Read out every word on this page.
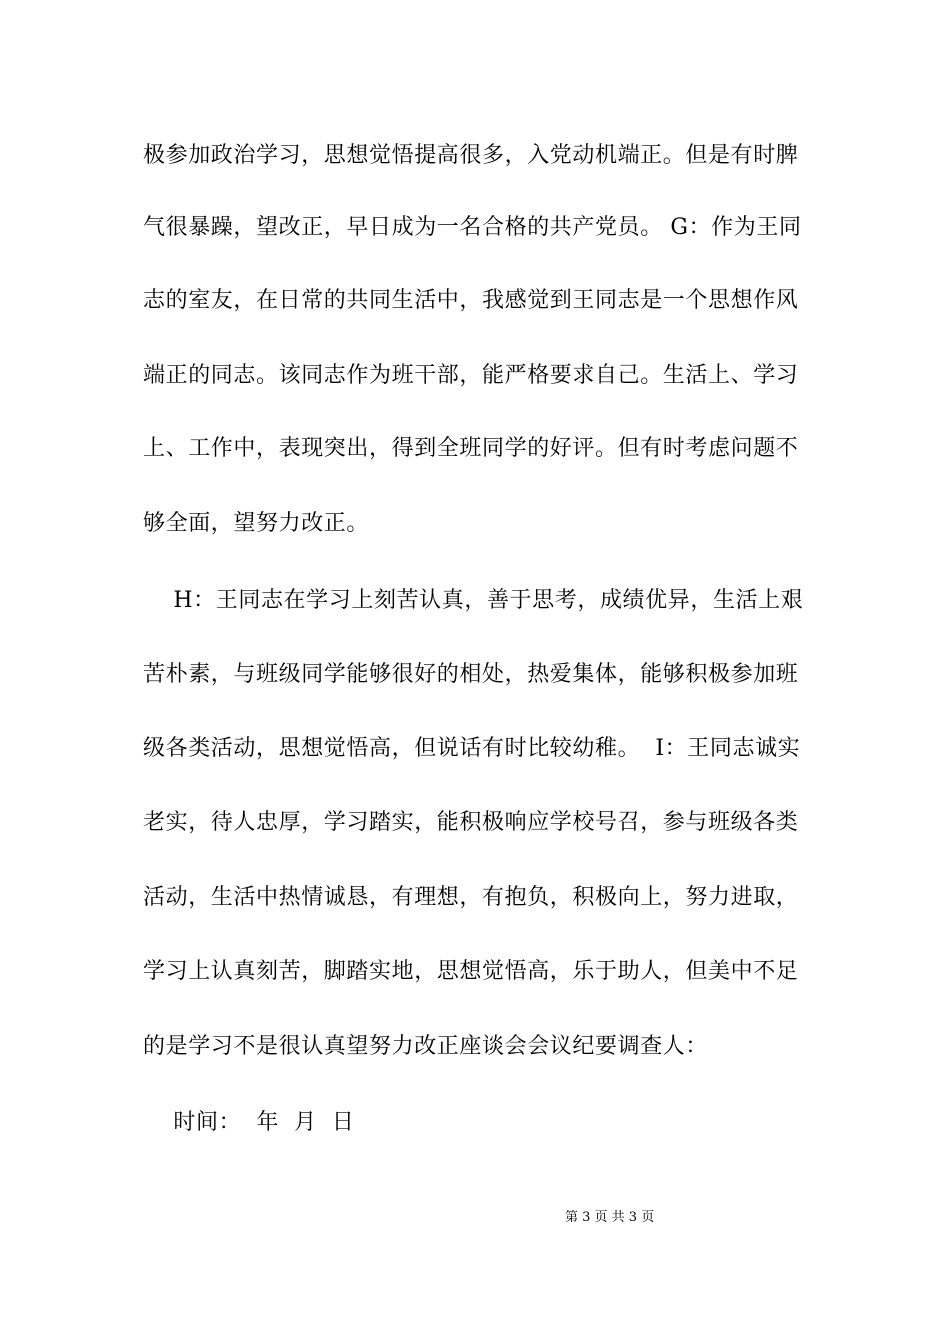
极参加政治学习，思想觉悟提高很多，入党动机端正。但是有时脾
气很暴躁，望改正，早日成为一名合格的共产党员。 G：作为王同
志的室友，在日常的共同生活中，我感觉到王同志是一个思想作风
端正的同志。该同志作为班干部，能严格要求自己。生活上、学习
上、工作中，表现突出，得到全班同学的好评。但有时考虑问题不
够全面，望努力改正。
H：王同志在学习上刻苦认真，善于思考，成绩优异，生活上艰
苦朴素，与班级同学能够很好的相处，热爱集体，能够积极参加班
级各类活动，思想觉悟高，但说话有时比较幼稚。  I：王同志诚实
老实，待人忠厚，学习踏实，能积极响应学校号召，参与班级各类
活动，生活中热情诚恳，有理想，有抱负，积极向上，努力进取，
学习上认真刻苦，脚踏实地，思想觉悟高，乐于助人，但美中不足
的是学习不是很认真望努力改正座谈会会议纪要调查人：
时间：  年  月  日
第 3 页 共 3 页
